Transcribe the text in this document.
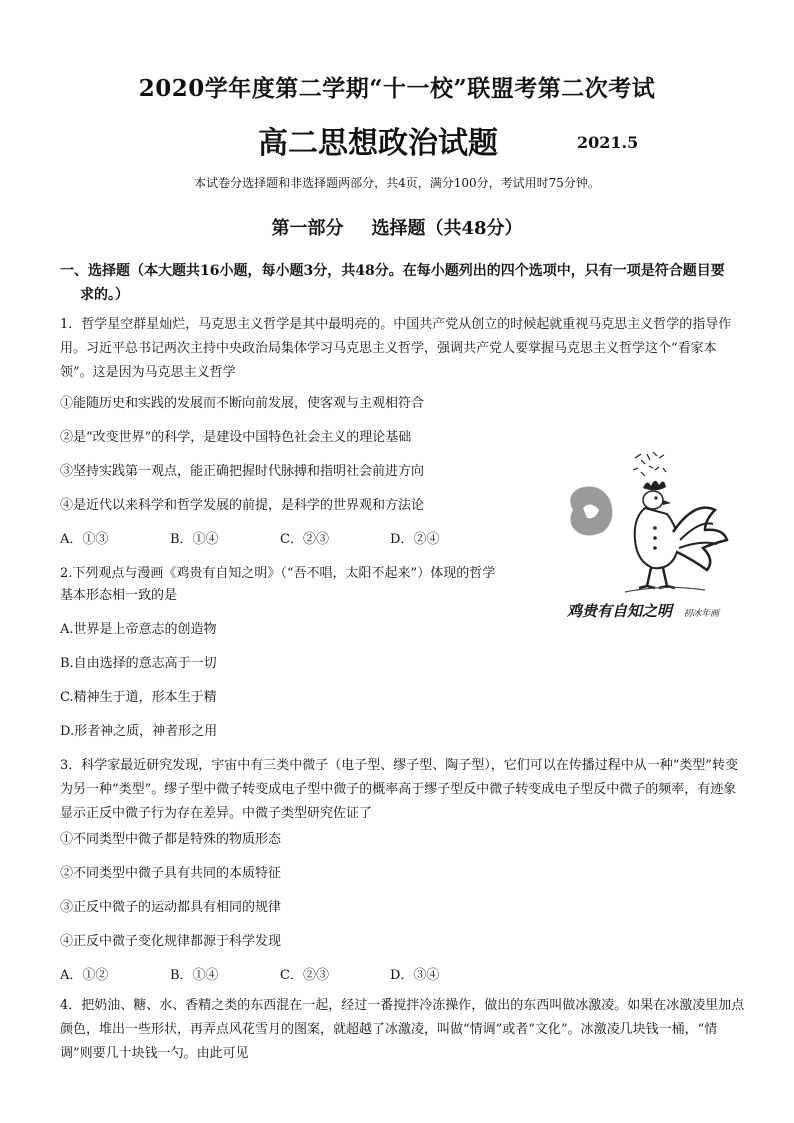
2020学年度第二学期“十一校”联盟考第二次考试
高二思想政治试题	2021.5
本试卷分选择题和非选择题两部分，共4页，满分100分，考试用时75分钟。
第一部分 选择题（共48分）
一、选择题（本大题共16小题，每小题3分，共48分。在每小题列出的四个选项中，只有一项是符合题目要
求的。）
1．哲学星空群星灿烂，马克思主义哲学是其中最明亮的。中国共产党从创立的时候起就重视马克思主义哲学的指导作用。习近平总书记两次主持中央政治局集体学习马克思主义哲学，强调共产党人要掌握马克思主义哲学这个“看家本领”。这是因为马克思主义哲学
①能随历史和实践的发展而不断向前发展，使客观与主观相符合
②是“改变世界”的科学，是建设中国特色社会主义的理论基础
③坚持实践第一观点，能正确把握时代脉搏和指明社会前进方向
④是近代以来科学和哲学发展的前提，是科学的世界观和方法论
A．①③	B．①④	C．②③	D．②④
2.下列观点与漫画《鸡贵有自知之明》（“吾不唱，太阳不起来”）体现的哲学
基本形态相一致的是
A.世界是上帝意志的创造物
B.自由选择的意志高于一切
C.精神生于道，形本生于精
D.形者神之质，神者形之用
鸡贵有自知之明 初冰年画
3．科学家最近研究发现，宇宙中有三类中微子（电子型、缪子型、陶子型），它们可以在传播过程中从一种“类型”转变为另一种“类型”。缪子型中微子转变成电子型中微子的概率高于缪子型反中微子转变成电子型反中微子的频率，有迹象显示正反中微子行为存在差异。中微子类型研究佐证了
①不同类型中微子都是特殊的物质形态
②不同类型中微子具有共同的本质特征
③正反中微子的运动都具有相同的规律
④正反中微子变化规律都源于科学发现
A．①②	B．①④	C．②③	D．③④
4．把奶油、糖、水、香精之类的东西混在一起，经过一番搅拌冷冻操作，做出的东西叫做冰激凌。如果在冰激凌里加点颜色，堆出一些形状，再弄点风花雪月的图案，就超越了冰激凌，叫做“情调”或者“文化”。冰激凌几块钱一桶，“情调”则要几十块钱一勺。由此可见
